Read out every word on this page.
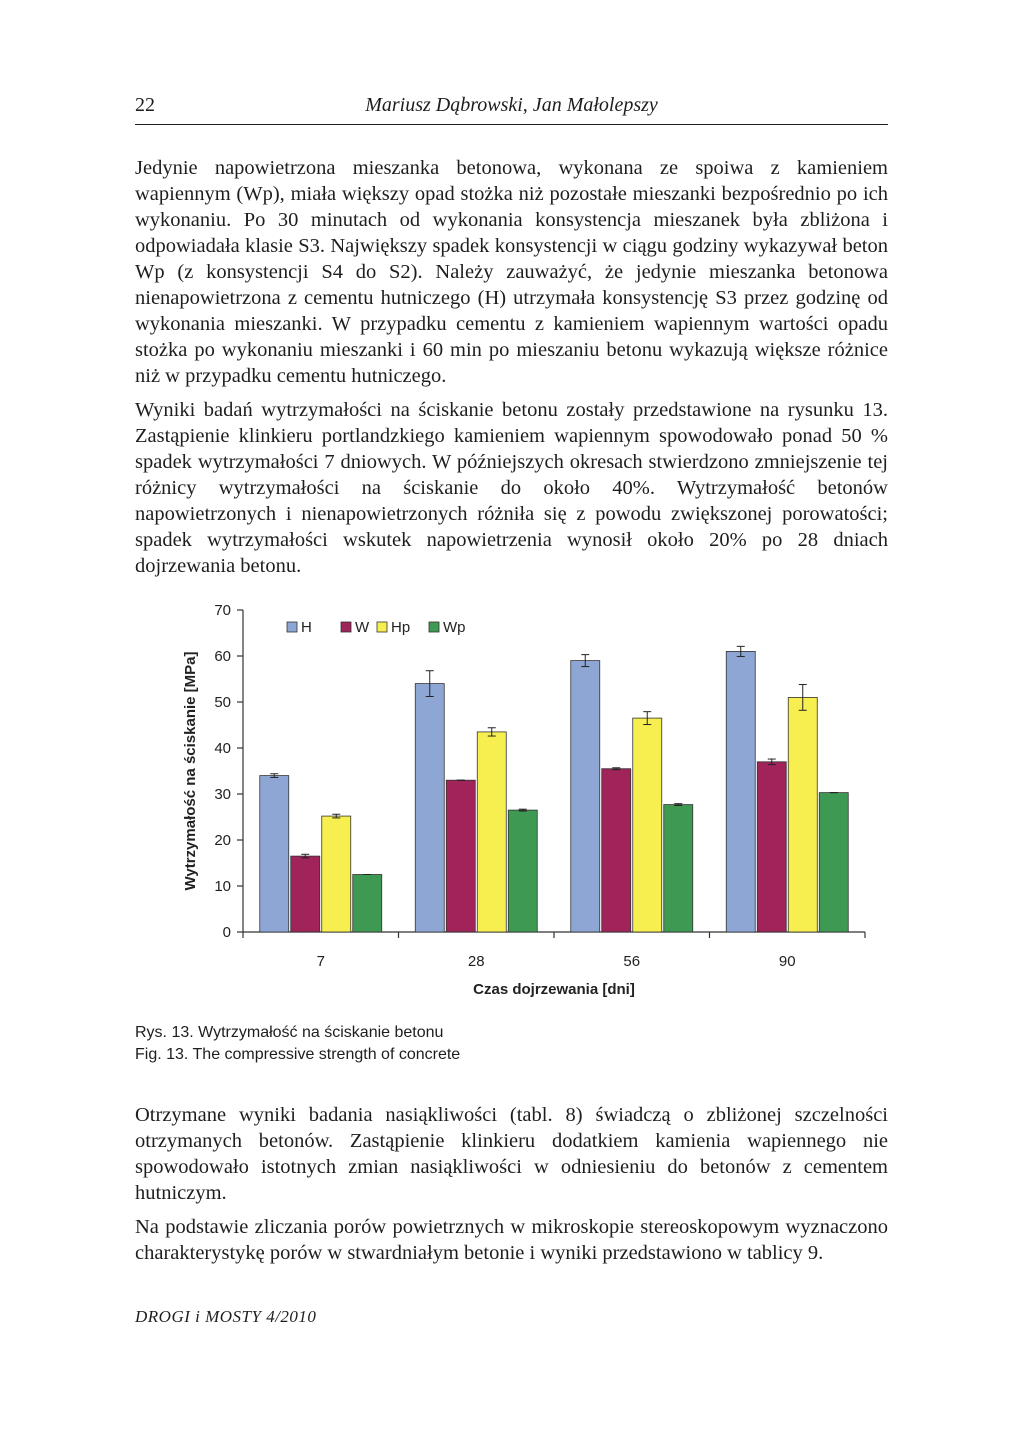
22	Mariusz Dąbrowski, Jan Małolepszy

Jedynie napowietrzona mieszanka betonowa, wykonana ze spoiwa z kamieniem wapiennym (Wp), miała większy opad stożka niż pozostałe mieszanki bezpośrednio po ich wykonaniu. Po 30 minutach od wykonania konsystencja mieszanek była zbliżona i odpowiadała klasie S3. Największy spadek konsystencji w ciągu godziny wykazywał beton Wp (z konsystencji S4 do S2). Należy zauważyć, że jedynie mieszanka betonowa nienapowietrzona z cementu hutniczego (H) utrzymała konsystencję S3 przez godzinę od wykonania mieszanki. W przypadku cementu z kamieniem wapiennym wartości opadu stożka po wykonaniu mieszanki i 60 min po mieszaniu betonu wykazują większe różnice niż w przypadku cementu hutniczego.

Wyniki badań wytrzymałości na ściskanie betonu zostały przedstawione na rysunku 13. Zastąpienie klinkieru portlandzkiego kamieniem wapiennym spowodowało ponad 50 % spadek wytrzymałości 7 dniowych. W późniejszych okresach stwierdzono zmniejszenie tej różnicy wytrzymałości na ściskanie do około 40%. Wytrzymałość betonów napowietrzonych i nienapowietrzonych różniła się z powodu zwiększonej porowatości; spadek wytrzymałości wskutek napowietrzenia wynosił około 20% po 28 dniach dojrzewania betonu.

0
10
20
30
40
50
60
70
Wytrzymałość na ściskanie [MPa]
7	28	56	90
Czas dojrzewania [dni]
H	W Hp Wp
Rys. 13. Wytrzymałość na ściskanie betonu
Fig. 13. The compressive strength of concrete

Otrzymane wyniki badania nasiąkliwości (tabl. 8) świadczą o zbliżonej szczelności otrzymanych betonów. Zastąpienie klinkieru dodatkiem kamienia wapiennego nie spowodowało istotnych zmian nasiąkliwości w odniesieniu do betonów z cementem hutniczym.

Na podstawie zliczania porów powietrznych w mikroskopie stereoskopowym wyznaczono charakterystykę porów w stwardniałym betonie i wyniki przedstawiono w tablicy 9.

DROGI i MOSTY 4/2010
